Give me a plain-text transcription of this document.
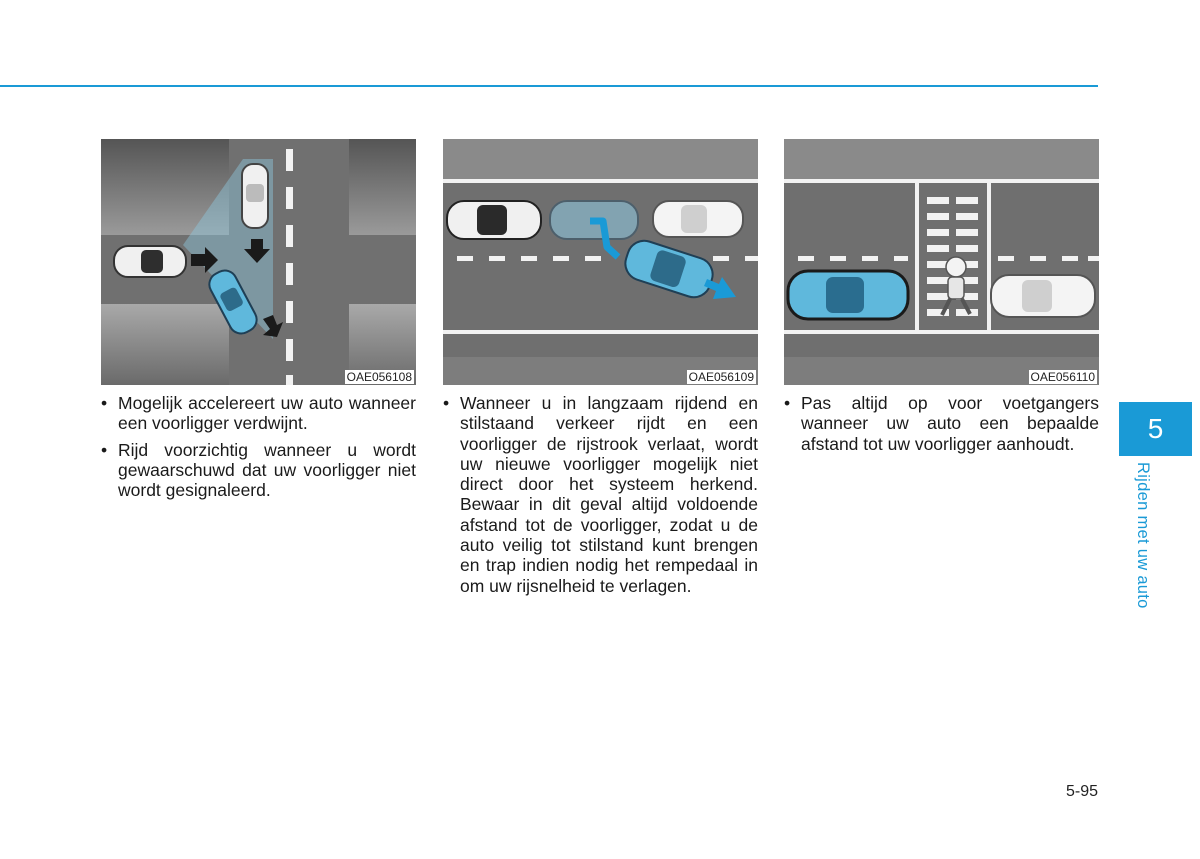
OAE056108	OAE056109	OAE056110

• Mogelijk accelereert uw auto wanneer een voorligger verdwijnt.

• Rijd voorzichtig wanneer u wordt gewaarschuwd dat uw voorligger niet wordt gesignaleerd.

• Wanneer u in langzaam rijdend en stilstaand verkeer rijdt en een voorligger de rijstrook verlaat, wordt uw nieuwe voorligger mogelijk niet direct door het systeem herkend. Bewaar in dit geval altijd voldoende afstand tot de voorligger, zodat u de auto veilig tot stilstand kunt brengen en trap indien nodig het rempedaal in om uw rijsnelheid te verlagen.

• Pas altijd op voor voetgangers wanneer uw auto een bepaalde afstand tot uw voorligger aanhoudt.	5
Rijden met uw auto
5-95
